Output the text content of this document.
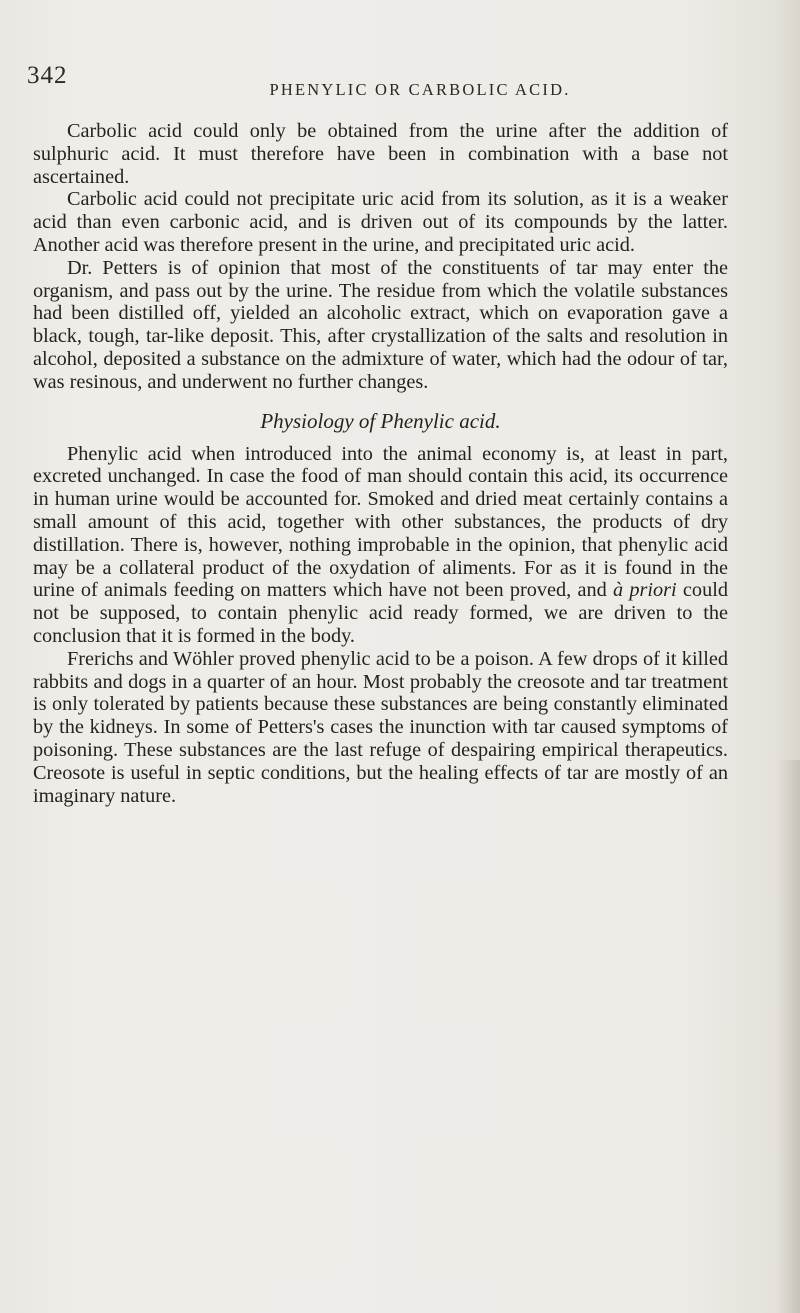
342
PHENYLIC OR CARBOLIC ACID.

Carbolic acid could only be obtained from the urine after the addition of sulphuric acid. It must therefore have been in combination with a base not ascertained.

Carbolic acid could not precipitate uric acid from its solution, as it is a weaker acid than even carbonic acid, and is driven out of its compounds by the latter. Another acid was therefore present in the urine, and precipitated uric acid.

Dr. Petters is of opinion that most of the constituents of tar may enter the organism, and pass out by the urine. The residue from which the volatile substances had been distilled off, yielded an alcoholic extract, which on evaporation gave a black, tough, tar-like deposit. This, after crystallization of the salts and resolution in alcohol, deposited a substance on the admixture of water, which had the odour of tar, was resinous, and underwent no further changes.

Physiology of Phenylic acid.

Phenylic acid when introduced into the animal economy is, at least in part, excreted unchanged. In case the food of man should contain this acid, its occurrence in human urine would be accounted for. Smoked and dried meat certainly contains a small amount of this acid, together with other substances, the products of dry distillation. There is, however, nothing improbable in the opinion, that phenylic acid may be a collateral product of the oxydation of aliments. For as it is found in the urine of animals feeding on matters which have not been proved, and à priori could not be supposed, to contain phenylic acid ready formed, we are driven to the conclusion that it is formed in the body.

Frerichs and Wöhler proved phenylic acid to be a poison. A few drops of it killed rabbits and dogs in a quarter of an hour. Most probably the creosote and tar treatment is only tolerated by patients because these substances are being constantly eliminated by the kidneys. In some of Petters's cases the inunction with tar caused symptoms of poisoning. These substances are the last refuge of despairing empirical therapeutics. Creosote is useful in septic conditions, but the healing effects of tar are mostly of an imaginary nature.
